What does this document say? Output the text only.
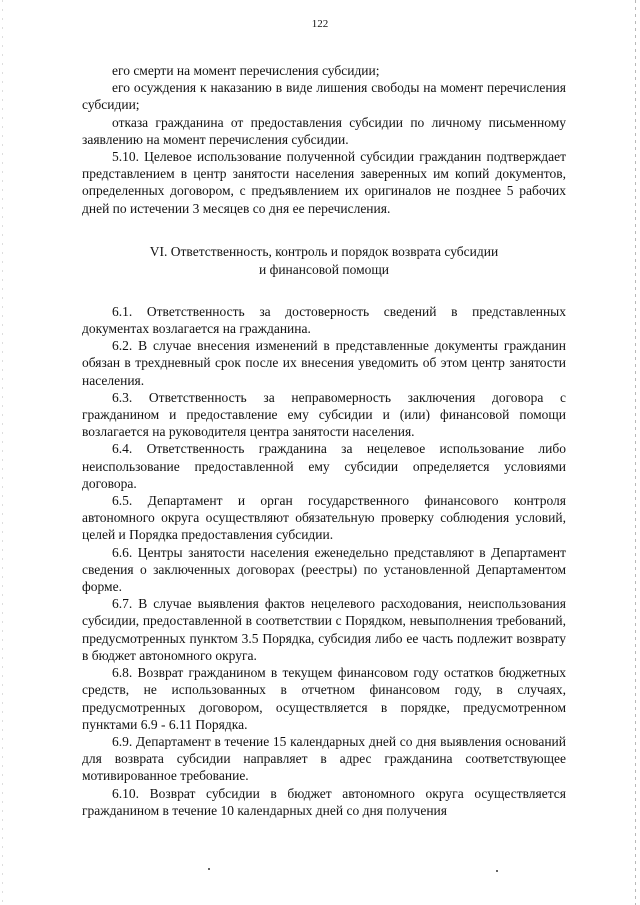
122

его смерти на момент перечисления субсидии;

его осуждения к наказанию в виде лишения свободы на момент перечисления субсидии;

отказа гражданина от предоставления субсидии по личному письменному заявлению на момент перечисления субсидии.

5.10. Целевое использование полученной субсидии гражданин подтверждает представлением в центр занятости населения заверенных им копий документов, определенных договором, с предъявлением их оригиналов не позднее 5 рабочих дней по истечении 3 месяцев со дня ее перечисления.

VI. Ответственность, контроль и порядок возврата субсидии
и финансовой помощи

6.1. Ответственность за достоверность сведений в представленных документах возлагается на гражданина.

6.2. В случае внесения изменений в представленные документы гражданин обязан в трехдневный срок после их внесения уведомить об этом центр занятости населения.

6.3. Ответственность за неправомерность заключения договора с гражданином и предоставление ему субсидии и (или) финансовой помощи возлагается на руководителя центра занятости населения.

6.4. Ответственность гражданина за нецелевое использование либо неиспользование предоставленной ему субсидии определяется условиями договора.

6.5. Департамент и орган государственного финансового контроля автономного округа осуществляют обязательную проверку соблюдения условий, целей и Порядка предоставления субсидии.

6.6. Центры занятости населения еженедельно представляют в Департамент сведения о заключенных договорах (реестры) по установленной Департаментом форме.

6.7. В случае выявления фактов нецелевого расходования, неиспользования субсидии, предоставленной в соответствии с Порядком, невыполнения требований, предусмотренных пунктом 3.5 Порядка, субсидия либо ее часть подлежит возврату в бюджет автономного округа.

6.8. Возврат гражданином в текущем финансовом году остатков бюджетных средств, не использованных в отчетном финансовом году, в случаях, предусмотренных договором, осуществляется в порядке, предусмотренном пунктами 6.9 - 6.11 Порядка.

6.9. Департамент в течение 15 календарных дней со дня выявления оснований для возврата субсидии направляет в адрес гражданина соответствующее мотивированное требование.

6.10. Возврат субсидии в бюджет автономного округа осуществляется гражданином в течение 10 календарных дней со дня получения
